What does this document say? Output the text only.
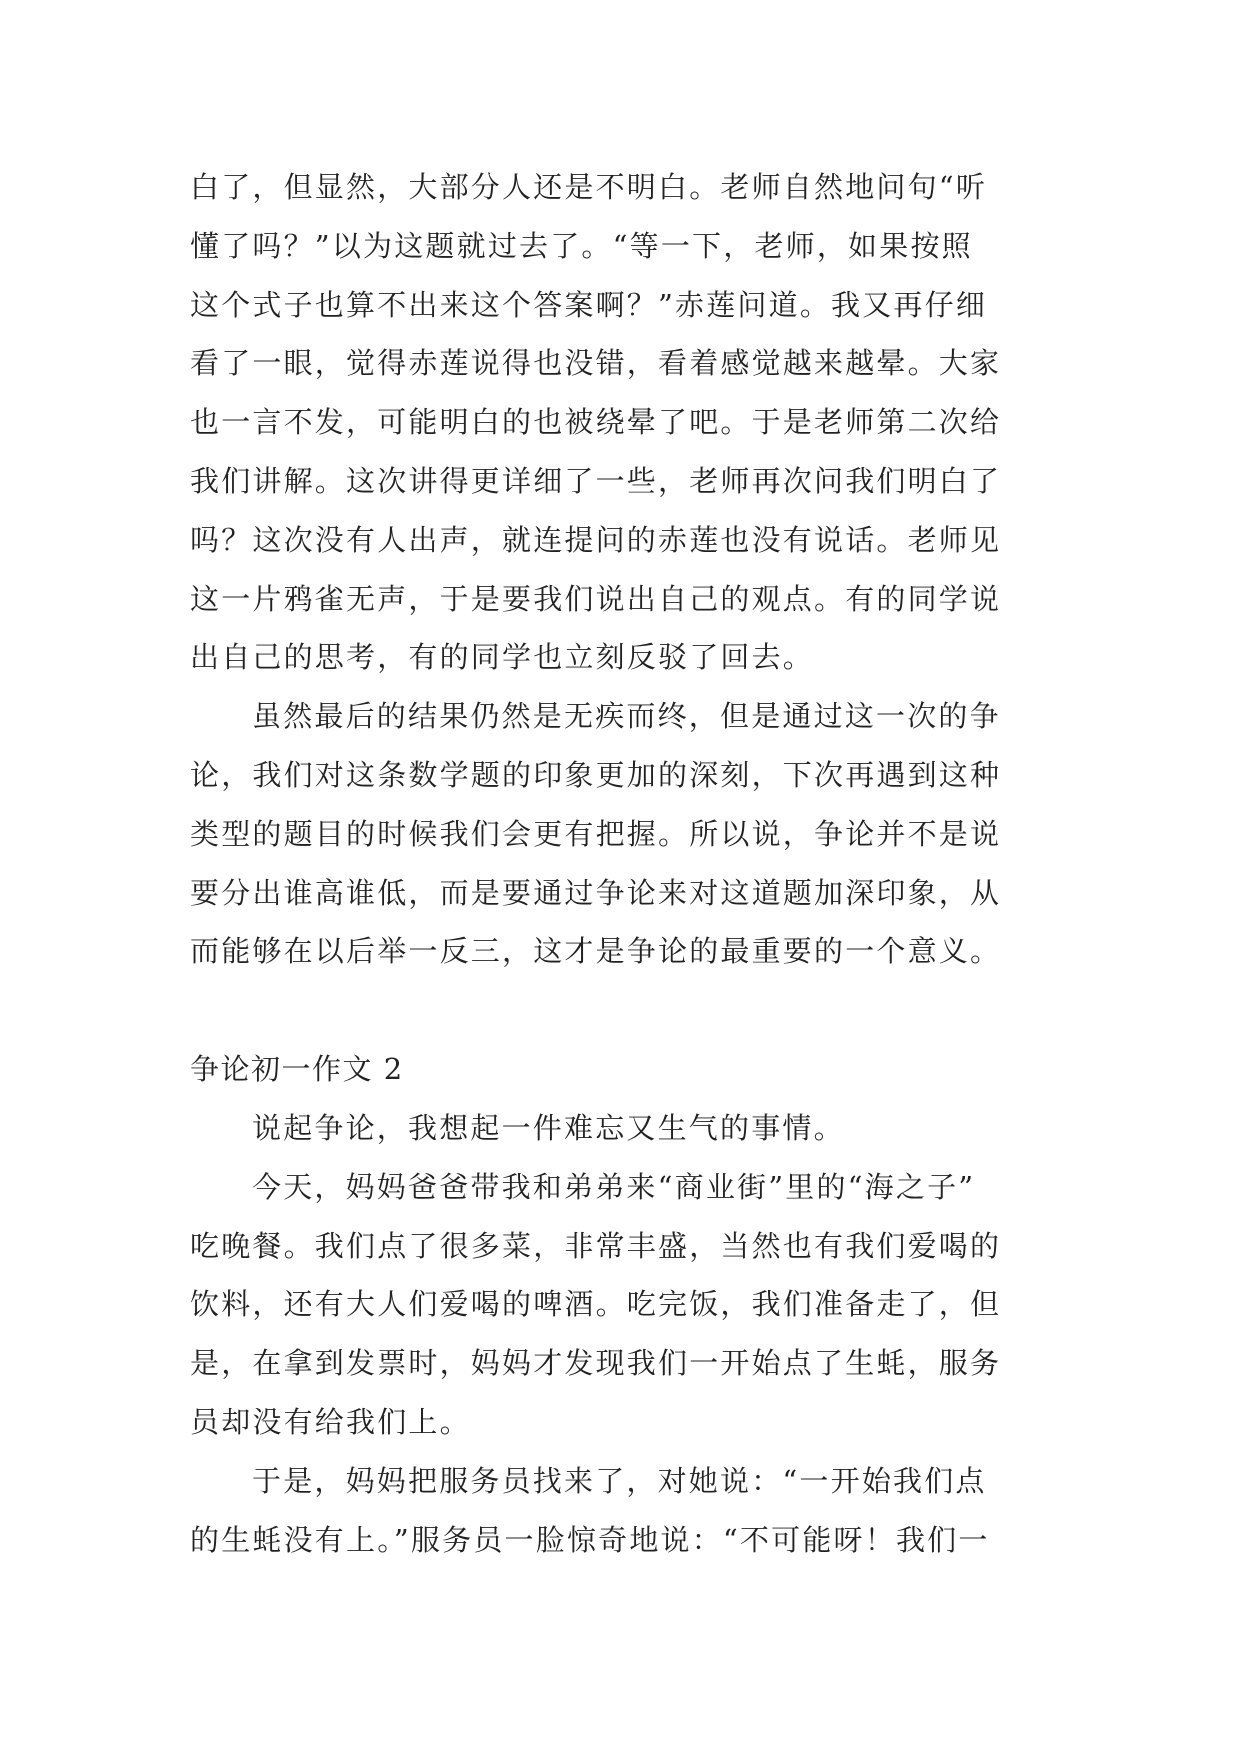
白了，但显然，大部分人还是不明白。老师自然地问句“听
懂了吗？”以为这题就过去了。“等一下，老师，如果按照
这个式子也算不出来这个答案啊？”赤莲问道。我又再仔细
看了一眼，觉得赤莲说得也没错，看着感觉越来越晕。大家
也一言不发，可能明白的也被绕晕了吧。于是老师第二次给
我们讲解。这次讲得更详细了一些，老师再次问我们明白了
吗？这次没有人出声，就连提问的赤莲也没有说话。老师见
这一片鸦雀无声，于是要我们说出自己的观点。有的同学说
出自己的思考，有的同学也立刻反驳了回去。
虽然最后的结果仍然是无疾而终，但是通过这一次的争
论，我们对这条数学题的印象更加的深刻，下次再遇到这种
类型的题目的时候我们会更有把握。所以说，争论并不是说
要分出谁高谁低，而是要通过争论来对这道题加深印象，从
而能够在以后举一反三，这才是争论的最重要的一个意义。
争论初一作文 2
说起争论，我想起一件难忘又生气的事情。
今天，妈妈爸爸带我和弟弟来“商业街”里的“海之子”
吃晚餐。我们点了很多菜，非常丰盛，当然也有我们爱喝的
饮料，还有大人们爱喝的啤酒。吃完饭，我们准备走了，但
是，在拿到发票时，妈妈才发现我们一开始点了生蚝，服务
员却没有给我们上。
于是，妈妈把服务员找来了，对她说：“一开始我们点
的生蚝没有上。”服务员一脸惊奇地说：“不可能呀！我们一
